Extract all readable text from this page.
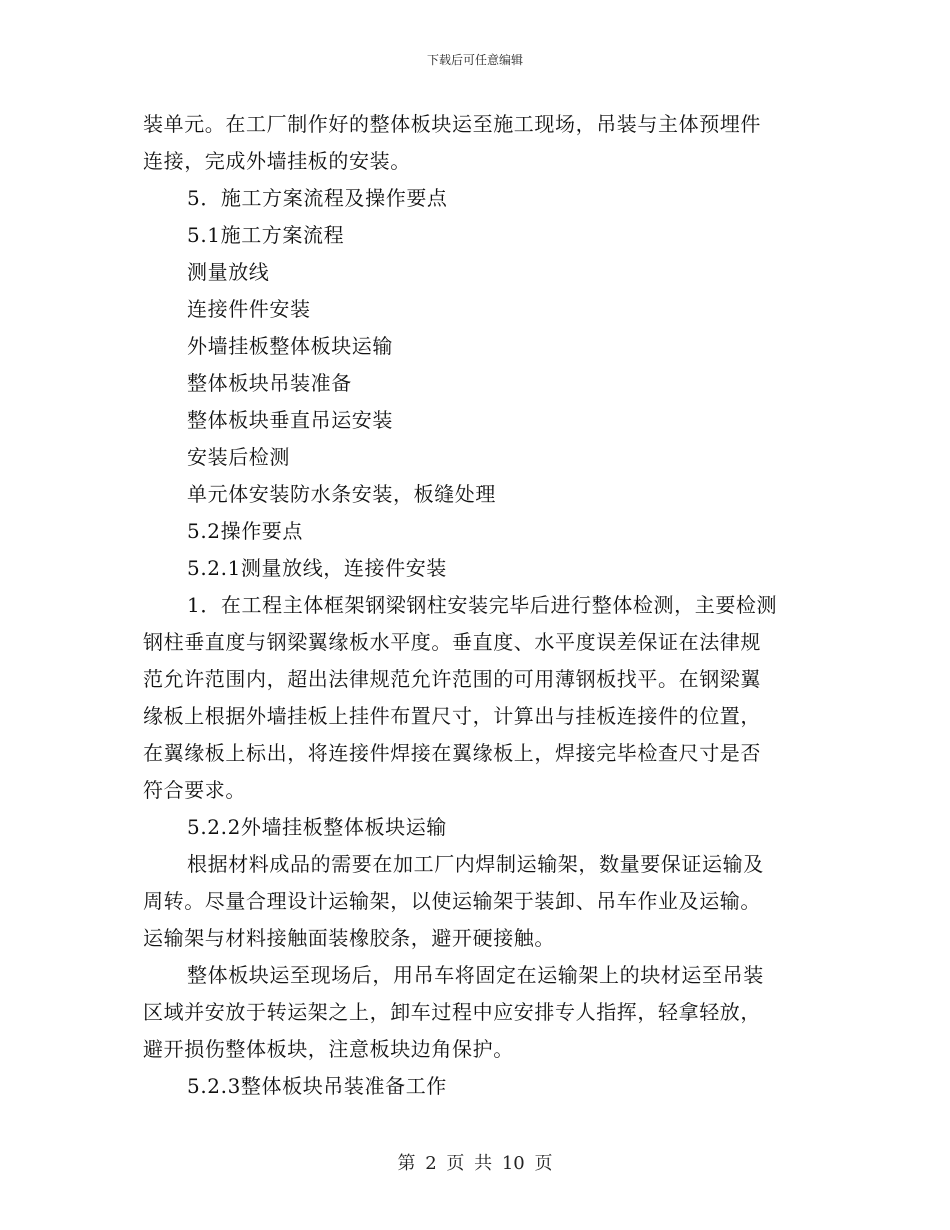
下载后可任意编辑

装单元。在工厂制作好的整体板块运至施工现场，吊装与主体预埋件

连接，完成外墙挂板的安装。

5．施工方案流程及操作要点

5.1施工方案流程

测量放线

连接件件安装

外墙挂板整体板块运输

整体板块吊装准备

整体板块垂直吊运安装

安装后检测

单元体安装防水条安装，板缝处理

5.2操作要点

5.2.1测量放线，连接件安装

1．在工程主体框架钢梁钢柱安装完毕后进行整体检测，主要检测

钢柱垂直度与钢梁翼缘板水平度。垂直度、水平度误差保证在法律规

范允许范围内，超出法律规范允许范围的可用薄钢板找平。在钢梁翼

缘板上根据外墙挂板上挂件布置尺寸，计算出与挂板连接件的位置，

在翼缘板上标出，将连接件焊接在翼缘板上，焊接完毕检查尺寸是否

符合要求。

5.2.2外墙挂板整体板块运输

根据材料成品的需要在加工厂内焊制运输架，数量要保证运输及

周转。尽量合理设计运输架，以使运输架于装卸、吊车作业及运输。

运输架与材料接触面装橡胶条，避开硬接触。

整体板块运至现场后，用吊车将固定在运输架上的块材运至吊装

区域并安放于转运架之上，卸车过程中应安排专人指挥，轻拿轻放，

避开损伤整体板块，注意板块边角保护。

5.2.3整体板块吊装准备工作

第 2 页 共 10 页
